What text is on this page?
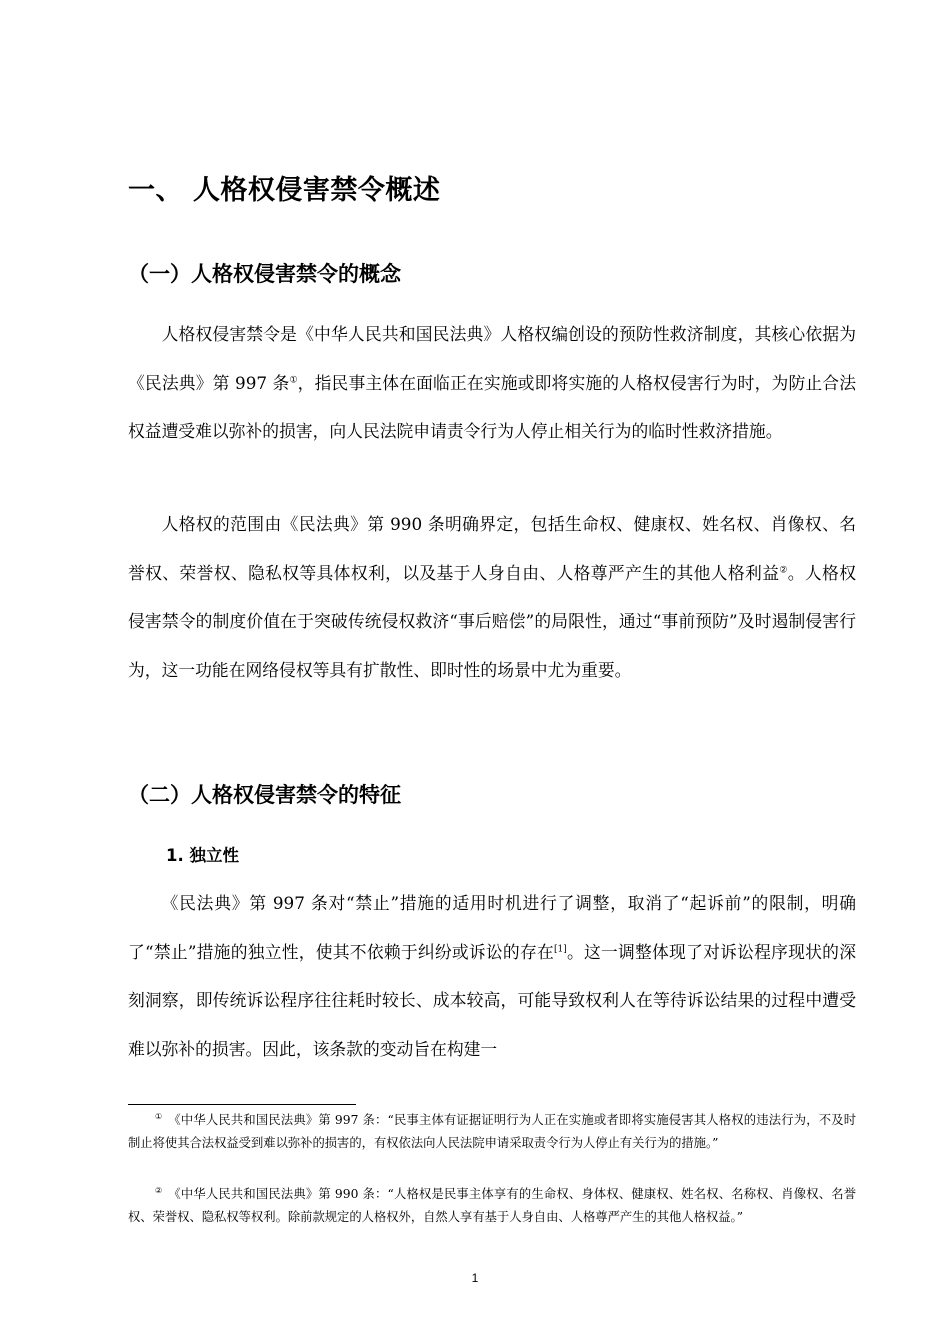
一、 人格权侵害禁令概述
（一）人格权侵害禁令的概念

人格权侵害禁令是《中华人民共和国民法典》人格权编创设的预防性救济制度，其核心依据为《民法典》第 997 条①，指民事主体在面临正在实施或即将实施的人格权侵害行为时，为防止合法权益遭受难以弥补的损害，向人民法院申请责令行为人停止相关行为的临时性救济措施。

人格权的范围由《民法典》第 990 条明确界定，包括生命权、健康权、姓名权、肖像权、名誉权、荣誉权、隐私权等具体权利，以及基于人身自由、人格尊严产生的其他人格利益②。人格权侵害禁令的制度价值在于突破传统侵权救济“事后赔偿”的局限性，通过“事前预防”及时遏制侵害行为，这一功能在网络侵权等具有扩散性、即时性的场景中尤为重要。

（二）人格权侵害禁令的特征
1. 独立性

《民法典》第 997 条对“禁止”措施的适用时机进行了调整，取消了“起诉前”的限制，明确了“禁止”措施的独立性，使其不依赖于纠纷或诉讼的存在[1]。这一调整体现了对诉讼程序现状的深刻洞察，即传统诉讼程序往往耗时较长、成本较高，可能导致权利人在等待诉讼结果的过程中遭受难以弥补的损害。因此，该条款的变动旨在构建一

① 《中华人民共和国民法典》第 997 条：“民事主体有证据证明行为人正在实施或者即将实施侵害其人格权的违法行为，不及时制止将使其合法权益受到难以弥补的损害的，有权依法向人民法院申请采取责令行为人停止有关行为的措施。”

② 《中华人民共和国民法典》第 990 条：“人格权是民事主体享有的生命权、身体权、健康权、姓名权、名称权、肖像权、名誉权、荣誉权、隐私权等权利。除前款规定的人格权外，自然人享有基于人身自由、人格尊严产生的其他人格权益。”

1
